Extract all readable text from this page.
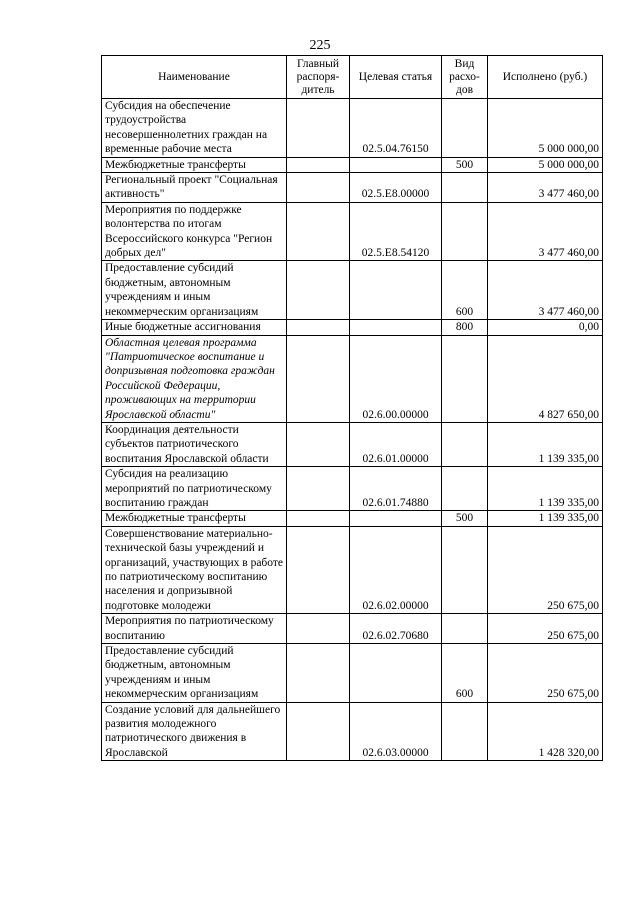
225
Наименование	Главный распоря-дитель	Целевая статья	Вид расхо-дов	Исполнено (руб.)
Субсидия на обеспечение трудоустройства несовершеннолетних граждан на временные рабочие места		02.5.04.76150		5 000 000,00
Межбюджетные трансферты			500	5 000 000,00
Региональный проект "Социальная активность"		02.5.E8.00000		3 477 460,00
Мероприятия по поддержке волонтерства по итогам Всероссийского конкурса "Регион добрых дел"		02.5.E8.54120		3 477 460,00
Предоставление субсидий бюджетным, автономным учреждениям и иным некоммерческим организациям			600	3 477 460,00
Иные бюджетные ассигнования			800	0,00
Областная целевая программа "Патриотическое воспитание и допризывная подготовка граждан Российской Федерации, проживающих на территории Ярославской области"		02.6.00.00000		4 827 650,00
Координация деятельности субъектов патриотического воспитания Ярославской области		02.6.01.00000		1 139 335,00
Субсидия на реализацию мероприятий по патриотическому воспитанию граждан		02.6.01.74880		1 139 335,00
Межбюджетные трансферты			500	1 139 335,00
Совершенствование материально-технической базы учреждений и организаций, участвующих в работе по патриотическому воспитанию населения и допризывной подготовке молодежи		02.6.02.00000		250 675,00
Мероприятия по патриотическому воспитанию		02.6.02.70680		250 675,00
Предоставление субсидий бюджетным, автономным учреждениям и иным некоммерческим организациям			600	250 675,00
Создание условий для дальнейшего развития молодежного патриотического движения в Ярославской		02.6.03.00000		1 428 320,00
